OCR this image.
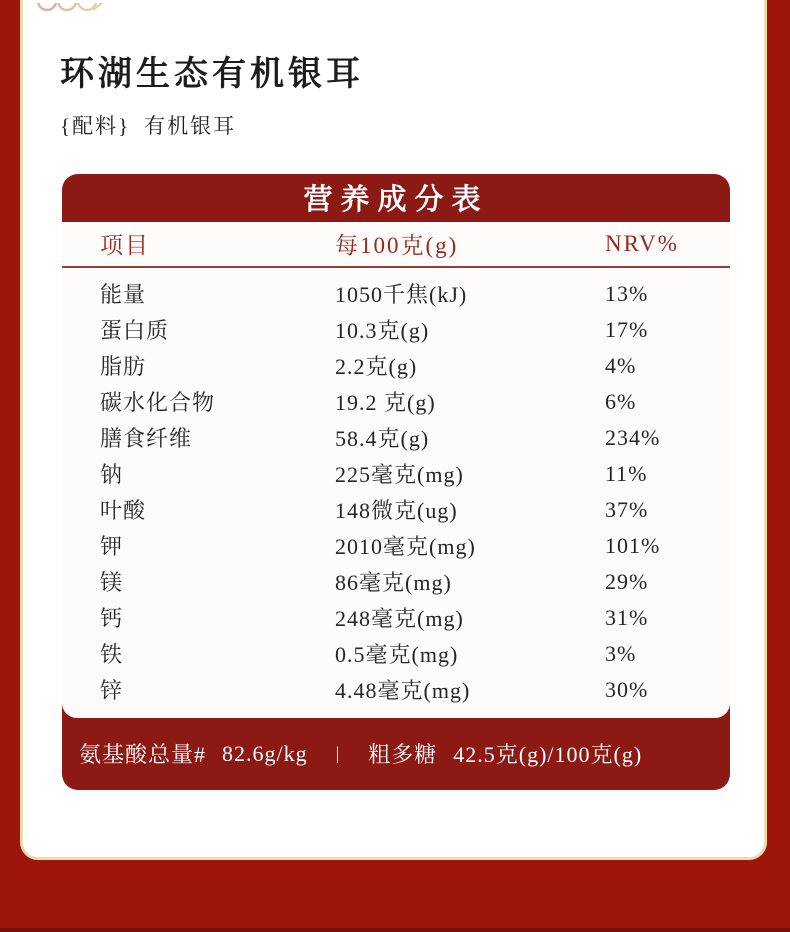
环湖生态有机银耳
{配料} 有机银耳
营养成分表
项目	每100克(g)	NRV%
能量	1050千焦(kJ)	13%
蛋白质	10.3克(g)	17%
脂肪	2.2克(g)	4%
碳水化合物	19.2 克(g)	6%
膳食纤维	58.4克(g)	234%
钠	225毫克(mg)	11%
叶酸	148微克(ug)	37%
钾	2010毫克(mg)	101%
镁	86毫克(mg)	29%
钙	248毫克(mg)	31%
铁	0.5毫克(mg)	3%
锌	4.48毫克(mg)	30%
氨基酸总量# 82.6g/kg | 粗多糖 42.5克(g)/100克(g)
